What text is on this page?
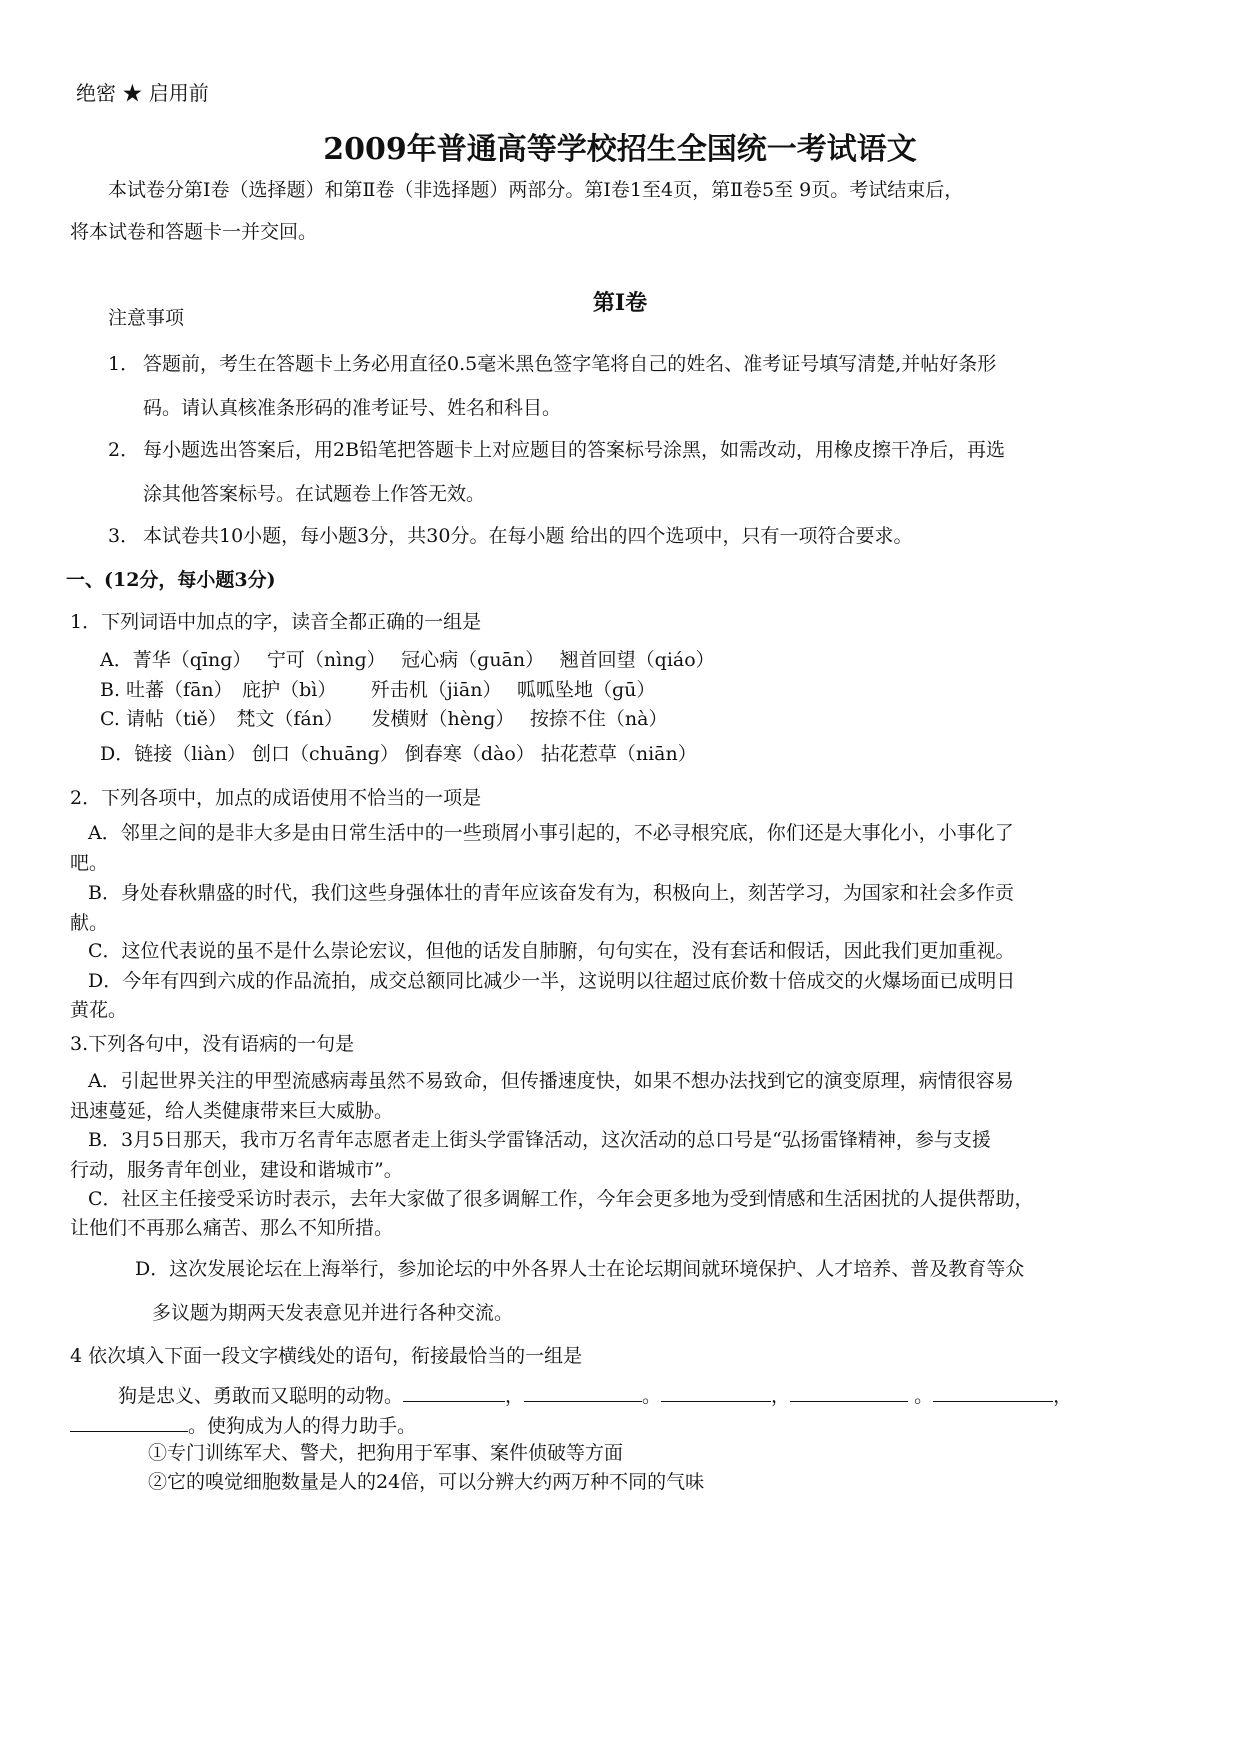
绝密 ★ 启用前
2009年普通高等学校招生全国统一考试语文
本试卷分第Ⅰ卷（选择题）和第Ⅱ卷（非选择题）两部分。第Ⅰ卷1至4页，第Ⅱ卷5至 9页。考试结束后，
将本试卷和答题卡一并交回。
第Ⅰ卷
注意事项
1． 答题前，考生在答题卡上务必用直径0.5毫米黑色签字笔将自己的姓名、准考证号填写清楚,并帖好条形
码。请认真核准条形码的准考证号、姓名和科目。
2． 每小题选出答案后，用2B铅笔把答题卡上对应题目的答案标号涂黑，如需改动，用橡皮擦干净后，再选
涂其他答案标号。在试题卷上作答无效。
3． 本试卷共10小题，每小题3分，共30分。在每小题 给出的四个选项中，只有一项符合要求。
一、(12分，每小题3分)
1．下列词语中加点的字，读音全都正确的一组是
A．菁华（qīnɡ）　 宁可（nìnɡ）　 冠心病（ɡuān）　 翘首回望（qiáo）
B. 吐蕃（fān）　庇护（bì）　　 歼击机（jiān）　 呱呱坠地（ɡū）
C. 请帖（tiě）　梵文（fán）　　发横财（hènɡ）　 按捺不住（nà）
D．链接（liàn） 创口（chuānɡ） 倒春寒（dào） 拈花惹草（niān）
2．下列各项中，加点的成语使用不恰当的一项是
A．邻里之间的是非大多是由日常生活中的一些琐屑小事引起的，不必寻根究底，你们还是大事化小，小事化了
吧。
B．身处春秋鼎盛的时代，我们这些身强体壮的青年应该奋发有为，积极向上，刻苦学习，为国家和社会多作贡
献。
C．这位代表说的虽不是什么崇论宏议，但他的话发自肺腑，句句实在，没有套话和假话，因此我们更加重视。
D．今年有四到六成的作品流拍，成交总额同比减少一半，这说明以往超过底价数十倍成交的火爆场面已成明日
黄花。
3.下列各句中，没有语病的一句是
A．引起世界关注的甲型流感病毒虽然不易致命，但传播速度快，如果不想办法找到它的演变原理，病情很容易
迅速蔓延，给人类健康带来巨大威胁。
B．3月5日那天，我市万名青年志愿者走上街头学雷锋活动，这次活动的总口号是“弘扬雷锋精神，参与支援
行动，服务青年创业，建设和谐城市”。
C．社区主任接受采访时表示，去年大家做了很多调解工作，今年会更多地为受到情感和生活困扰的人提供帮助，
让他们不再那么痛苦、那么不知所措。
D．这次发展论坛在上海举行，参加论坛的中外各界人士在论坛期间就环境保护、人才培养、普及教育等众
多议题为期两天发表意见并进行各种交流。
4 依次填入下面一段文字横线处的语句，衔接最恰当的一组是
狗是忠义、勇敢而又聪明的动物。	，	。	，	。	，
。使狗成为人的得力助手。
①专门训练军犬、警犬，把狗用于军事、案件侦破等方面
②它的嗅觉细胞数量是人的24倍，可以分辨大约两万种不同的气味
